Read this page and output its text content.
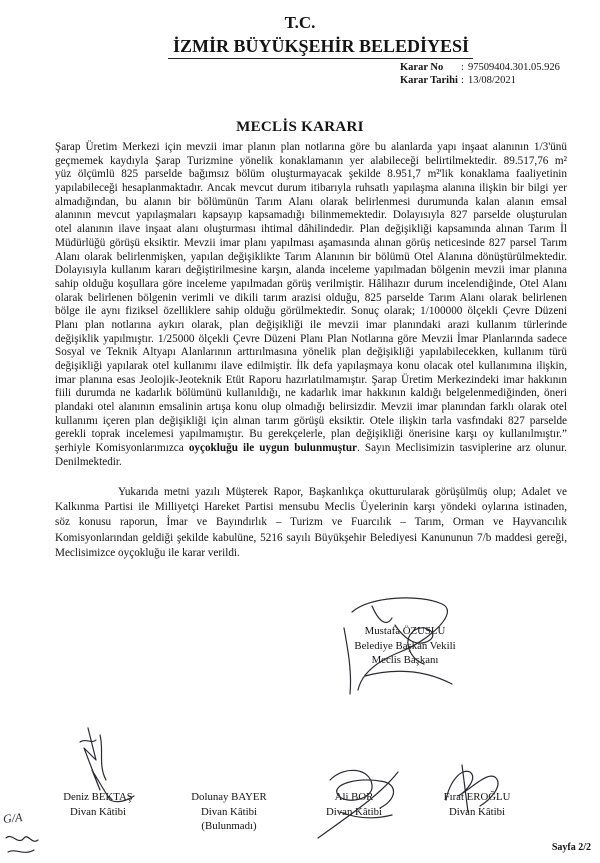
T.C.
İZMİR BÜYÜKŞEHİR BELEDİYESİ
Karar No : 97509404.301.05.926
Karar Tarihi : 13/08/2021
MECLİS KARARI
Şarap Üretim Merkezi için mevzii imar planın plan notlarına göre bu alanlarda yapı inşaat alanının 1/3'ünü
geçmemek kaydıyla Şarap Turizmine yönelik konaklamanın yer alabileceği belirtilmektedir. 89.517,76 m²
yüz ölçümlü 825 parselde bağımsız bölüm oluşturmayacak şekilde 8.951,7 m²'lik konaklama faaliyetinin
yapılabileceği hesaplanmaktadır. Ancak mevcut durum itibarıyla ruhsatlı yapılaşma alanına ilişkin bir bilgi yer
almadığından, bu alanın bir bölümünün Tarım Alanı olarak belirlenmesi durumunda kalan alanın emsal
alanının mevcut yapılaşmaları kapsayıp kapsamadığı bilinmemektedir. Dolayısıyla 827 parselde oluşturulan
otel alanının ilave inşaat alanı oluşturması ihtimal dâhilindedir. Plan değişikliği kapsamında alınan Tarım İl
Müdürlüğü görüşü eksiktir. Mevzii imar planı yapılması aşamasında alınan görüş neticesinde 827 parsel Tarım
Alanı olarak belirlenmişken, yapılan değişiklikte Tarım Alanının bir bölümü Otel Alanına dönüştürülmektedir.
Dolayısıyla kullanım kararı değiştirilmesine karşın, alanda inceleme yapılmadan bölgenin mevzii imar planına
sahip olduğu koşullara göre inceleme yapılmadan görüş verilmiştir. Hâlihazır durum incelendiğinde, Otel Alanı
olarak belirlenen bölgenin verimli ve dikili tarım arazisi olduğu, 825 parselde Tarım Alanı olarak belirlenen
bölge ile aynı fiziksel özelliklere sahip olduğu görülmektedir. Sonuç olarak; 1/100000 ölçekli Çevre Düzeni
Planı plan notlarına aykırı olarak, plan değişikliği ile mevzii imar planındaki arazi kullanım türlerinde
değişiklik yapılmıştır. 1/25000 ölçekli Çevre Düzeni Planı Plan Notlarına göre Mevzii İmar Planlarında sadece
Sosyal ve Teknik Altyapı Alanlarının arttırılmasına yönelik plan değişikliği yapılabilecekken, kullanım türü
değişikliği yapılarak otel kullanımı ilave edilmiştir. İlk defa yapılaşmaya konu olacak otel kullanımına ilişkin,
imar planına esas Jeolojik-Jeoteknik Etüt Raporu hazırlatılmamıştır. Şarap Üretim Merkezindeki imar hakkının
fiili durumda ne kadarlık bölümünü kullanıldığı, ne kadarlık imar hakkının kaldığı belgelenmediğinden, öneri
plandaki otel alanının emsalinin artışa konu olup olmadığı belirsizdir. Mevzii imar planından farklı olarak otel
kullanımı içeren plan değişikliği için alınan tarım görüşü eksiktir. Otele ilişkin tarla vasfındaki 827 parselde
gerekli toprak incelemesi yapılmamıştır. Bu gerekçelerle, plan değişikliği önerisine karşı oy kullanılmıştır.”
şerhiyle Komisyonlarımızca oyçokluğu ile uygun bulunmuştur. Sayın Meclisimizin tasviplerine arz olunur.
Denilmektedir.
Yukarıda metni yazılı Müşterek Rapor, Başkanlıkça okutturularak görüşülmüş olup; Adalet ve
Kalkınma Partisi ile Milliyetçi Hareket Partisi mensubu Meclis Üyelerinin karşı yöndeki oylarına istinaden,
söz konusu raporun, İmar ve Bayındırlık – Turizm ve Fuarcılık – Tarım, Orman ve Hayvancılık
Komisyonlarından geldiği şekilde kabulüne, 5216 sayılı Büyükşehir Belediyesi Kanununun 7/b maddesi gereği,
Meclisimizce oyçokluğu ile karar verildi.
Mustafa ÖZUSLU
Belediye Başkan Vekili
Meclis Başkanı
Deniz BEKTAŞ
Divan Kâtibi
Dolunay BAYER
Divan Kâtibi
(Bulunmadı)
Ali BOR
Divan Kâtibi
Fırat EROĞLU
Divan Kâtibi
Sayfa 2/2
G/A
